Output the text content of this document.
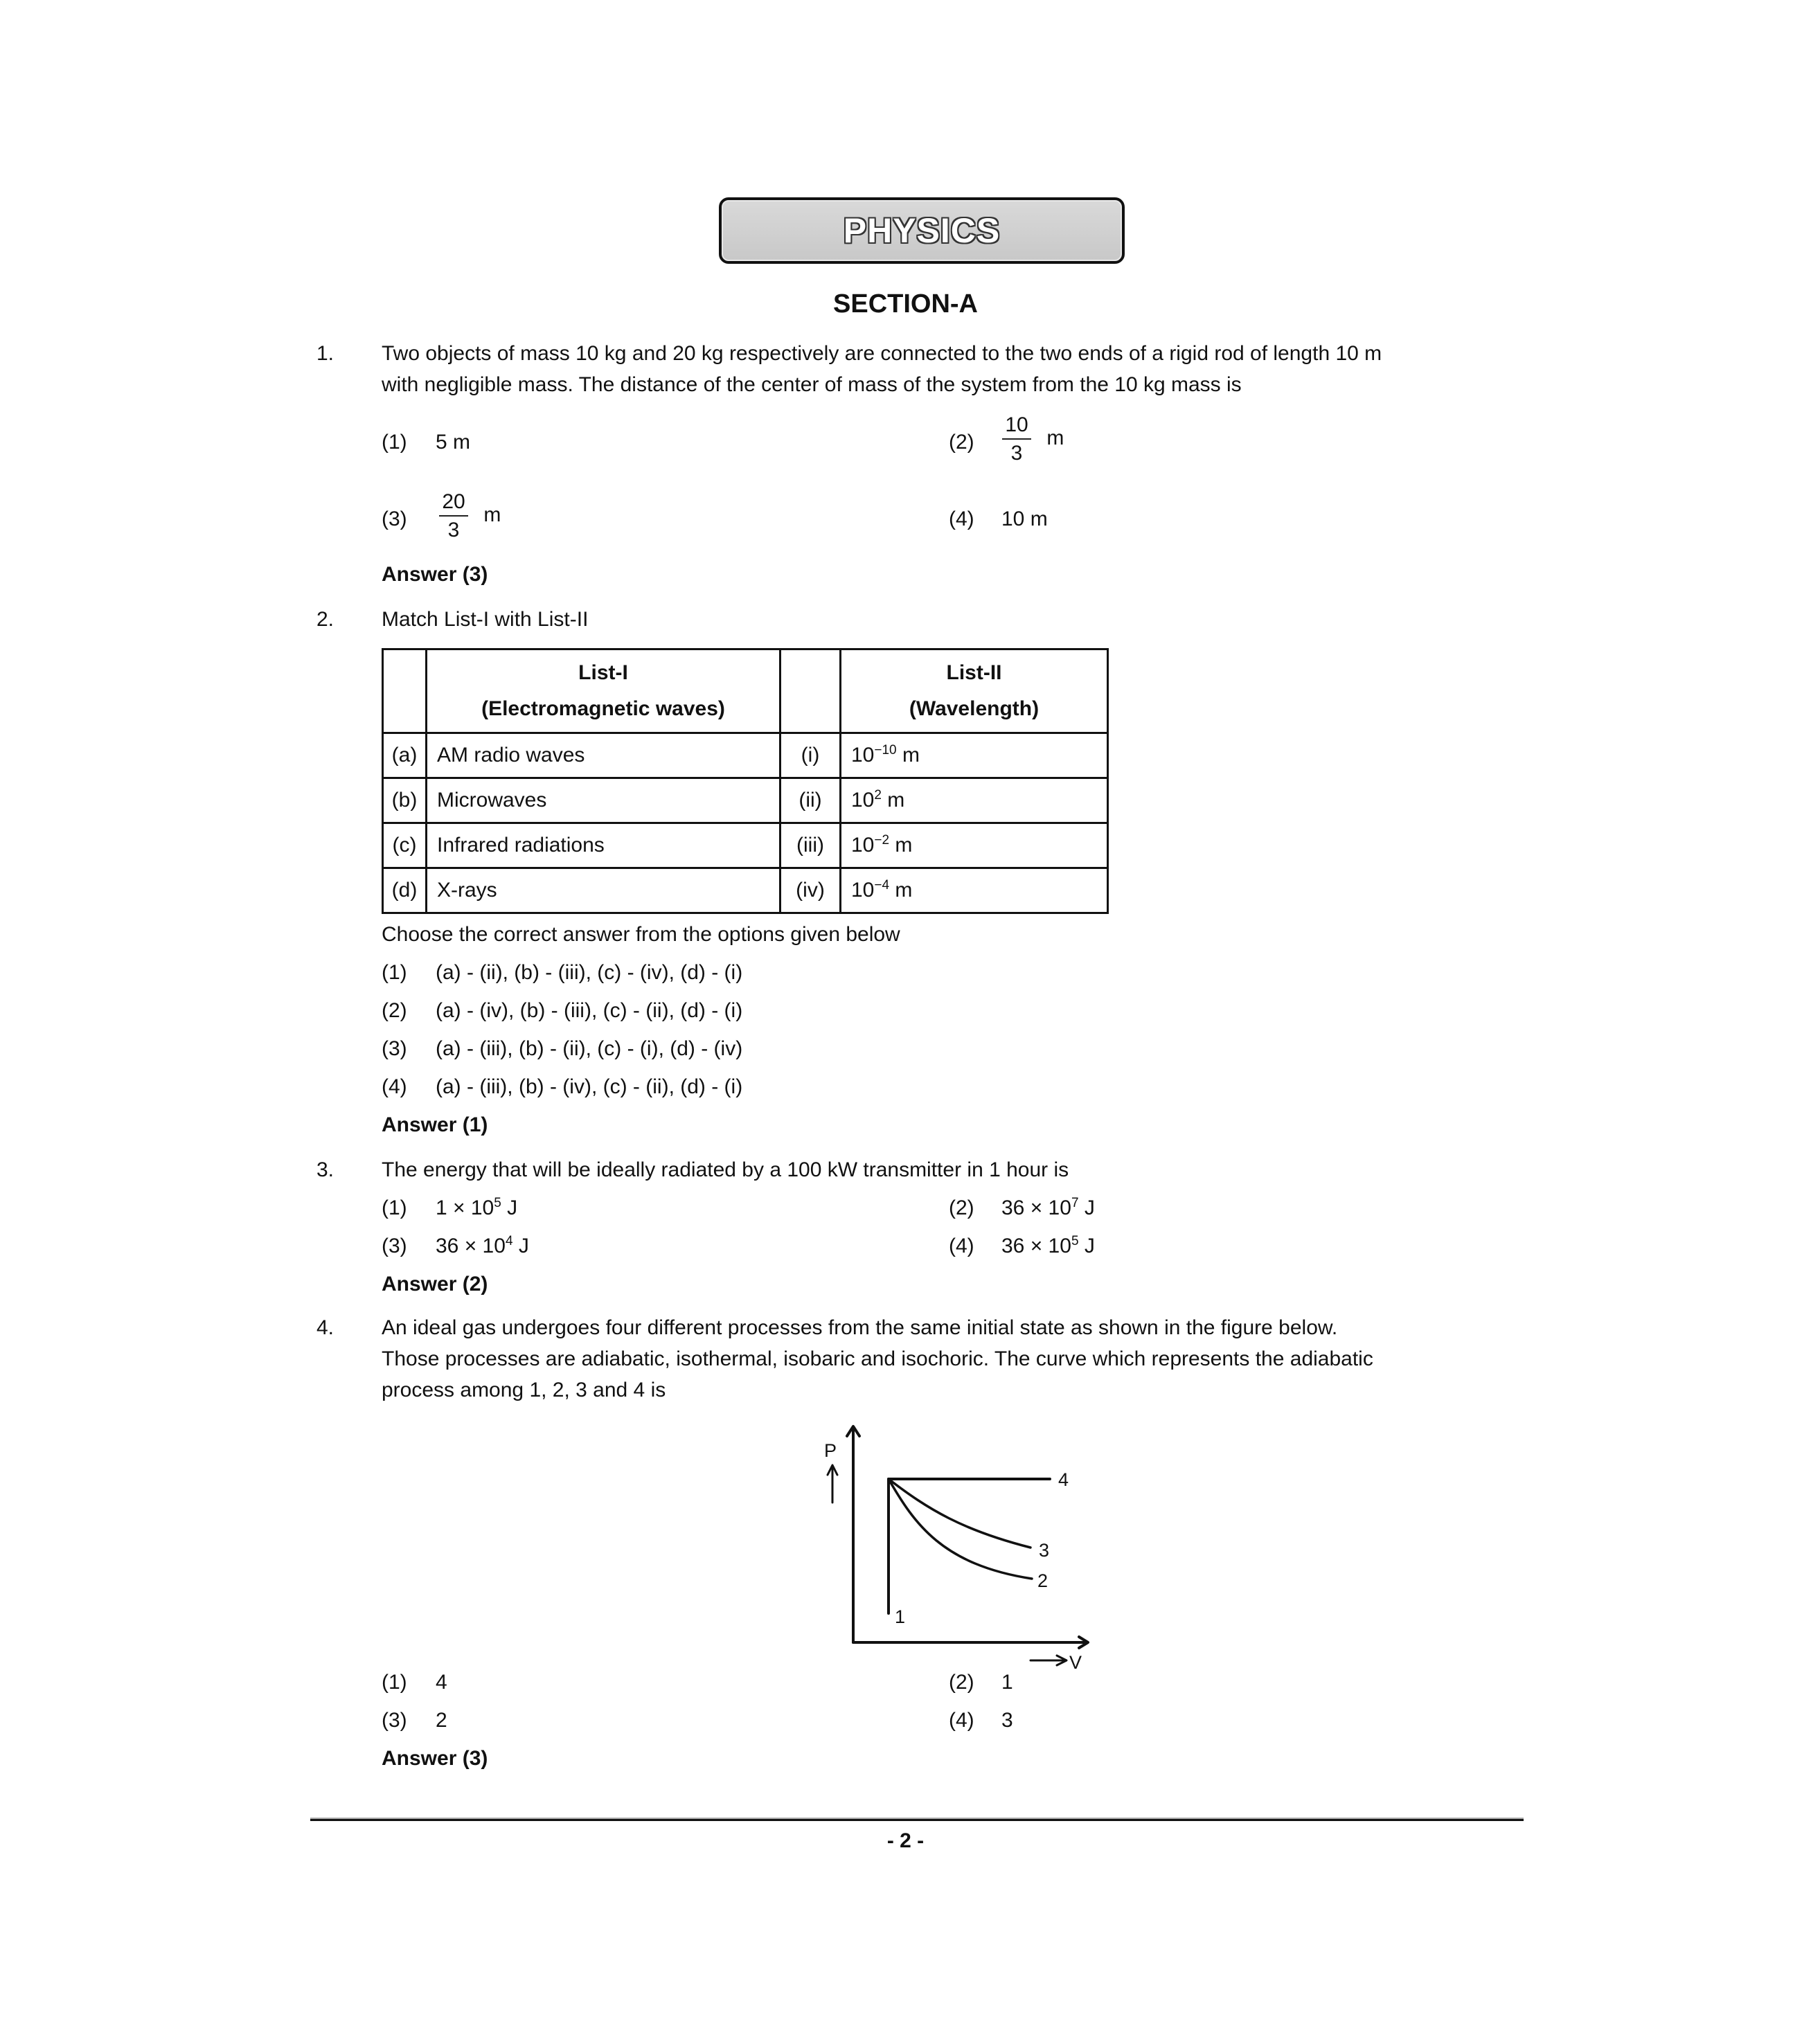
PHYSICS
SECTION-A
1. Two objects of mass 10 kg and 20 kg respectively are connected to the two ends of a rigid rod of length 10 m
with negligible mass. The distance of the center of mass of the system from the 10 kg mass is
(1) 5 m	$(2) \frac{10}{3}$ m
$(3) \frac{20}{3}$ m	(4) 10 m
Answer (3)
2. Match List-I with List-II

List-I
(Electromagnetic waves)

List-II
(Wavelength)

(a)	AM radio waves	(i)	$10^{-10}$ m
(b)	Microwaves	(ii)	$10^2$ m
(c)	Infrared radiations	(iii)	$10^{-2}$ m
(d)	X-rays	(iv)	$10^{-4}$ m
Choose the correct answer from the options given below
(1) (a) - (ii), (b) - (iii), (c) - (iv), (d) - (i)
(2) (a) - (iv), (b) - (iii), (c) - (ii), (d) - (i)
(3) (a) - (iii), (b) - (ii), (c) - (i), (d) - (iv)
(4) (a) - (iii), (b) - (iv), (c) - (ii), (d) - (i)
Answer (1)
3. The energy that will be ideally radiated by a 100 kW transmitter in 1 hour is
(1) $1 \times 10^5$ J	(2) $36 \times 10^7$ J
(3) $36 \times 10^4$ J	(4) $36 \times 10^5$ J
Answer (2)
4. An ideal gas undergoes four different processes from the same initial state as shown in the figure below.
Those processes are adiabatic, isothermal, isobaric and isochoric. The curve which represents the adiabatic
process among 1, 2, 3 and 4 is
P
V
1
2
3
4
(1) 4	(2) 1
(3) 2	(4) 3
Answer (3)
- 2 -
